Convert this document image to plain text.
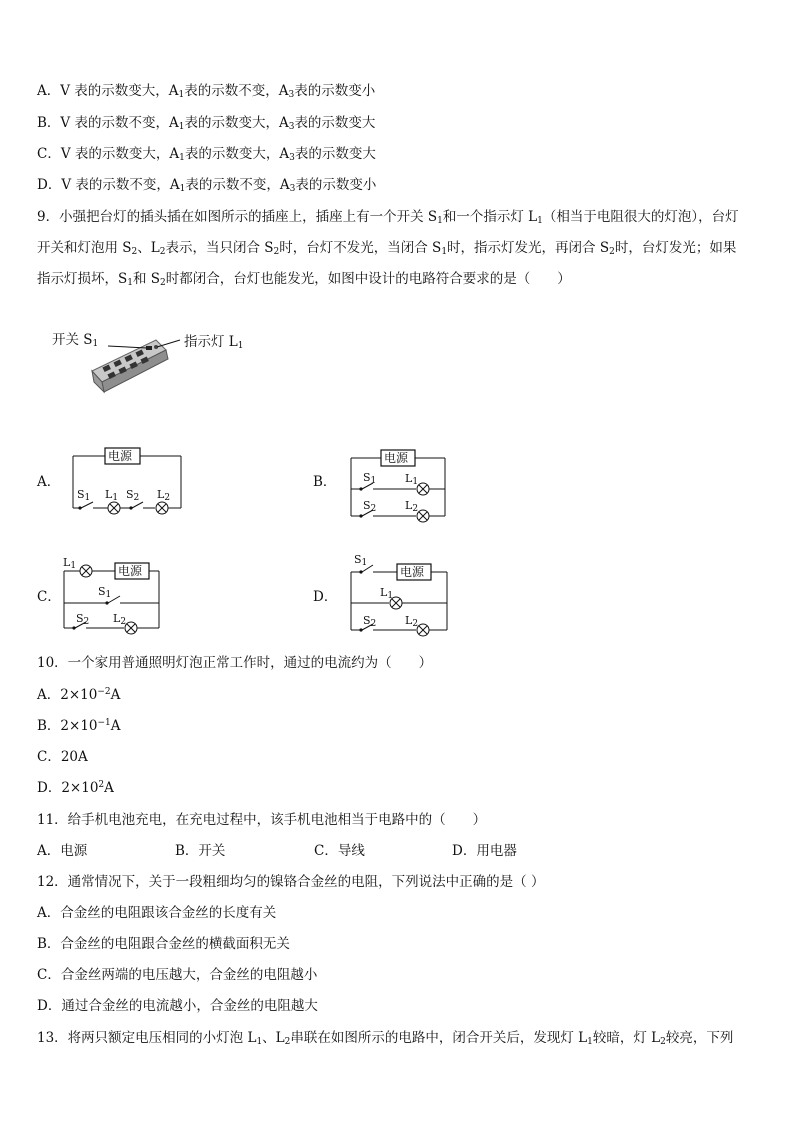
A．V 表的示数变大，$A_1$表的示数不变，$A_3$表的示数变小
B．V 表的示数不变，$A_1$表的示数变大，$A_3$表的示数变大
C．V 表的示数变大，$A_1$表的示数变大，$A_3$表的示数变大
D．V 表的示数不变，$A_1$表的示数不变，$A_3$表的示数变小
9．小强把台灯的插头插在如图所示的插座上，插座上有一个开关 $S_1$和一个指示灯 $L_1$（相当于电阻很大的灯泡），台灯
开关和灯泡用 $S_2$、$L_2$表示，当只闭合 $S_2$时，台灯不发光，当闭合 $S_1$时，指示灯发光，再闭合 $S_2$时，台灯发光；如果
指示灯损坏，$S_1$和 $S_2$时都闭合，台灯也能发光，如图中设计的电路符合要求的是（　　）
开关 $S_1$	指示灯 $L_1$
A．	B．
C．	D．
电源
$S_1$ $L_1$ $S_2$ $L_2$
电源
$S_1$	$L_1$
$S_2$	$L_2$
电源
$L_1$
$S_1$
$S_2$ $L_2$
电源
$S_1$
$L_1$
$S_2$	$L_2$
10．一个家用普通照明灯泡正常工作时，通过的电流约为（　　）
A．$2\times 10^{-2}A$
B．$2\times 10^{-1}A$
C．20A
D．$2\times 10^2A$
11．给手机电池充电，在充电过程中，该手机电池相当于电路中的（　　）
A．电源	B．开关	C．导线	D．用电器
12．通常情况下，关于一段粗细均匀的镍铬合金丝的电阻，下列说法中正确的是（ ）
A．合金丝的电阻跟该合金丝的长度有关
B．合金丝的电阻跟合金丝的横截面积无关
C．合金丝两端的电压越大，合金丝的电阻越小
D．通过合金丝的电流越小，合金丝的电阻越大
13．将两只额定电压相同的小灯泡 $L_1$、$L_2$串联在如图所示的电路中，闭合开关后，发现灯 $L_1$较暗，灯 $L_2$较亮，下列
